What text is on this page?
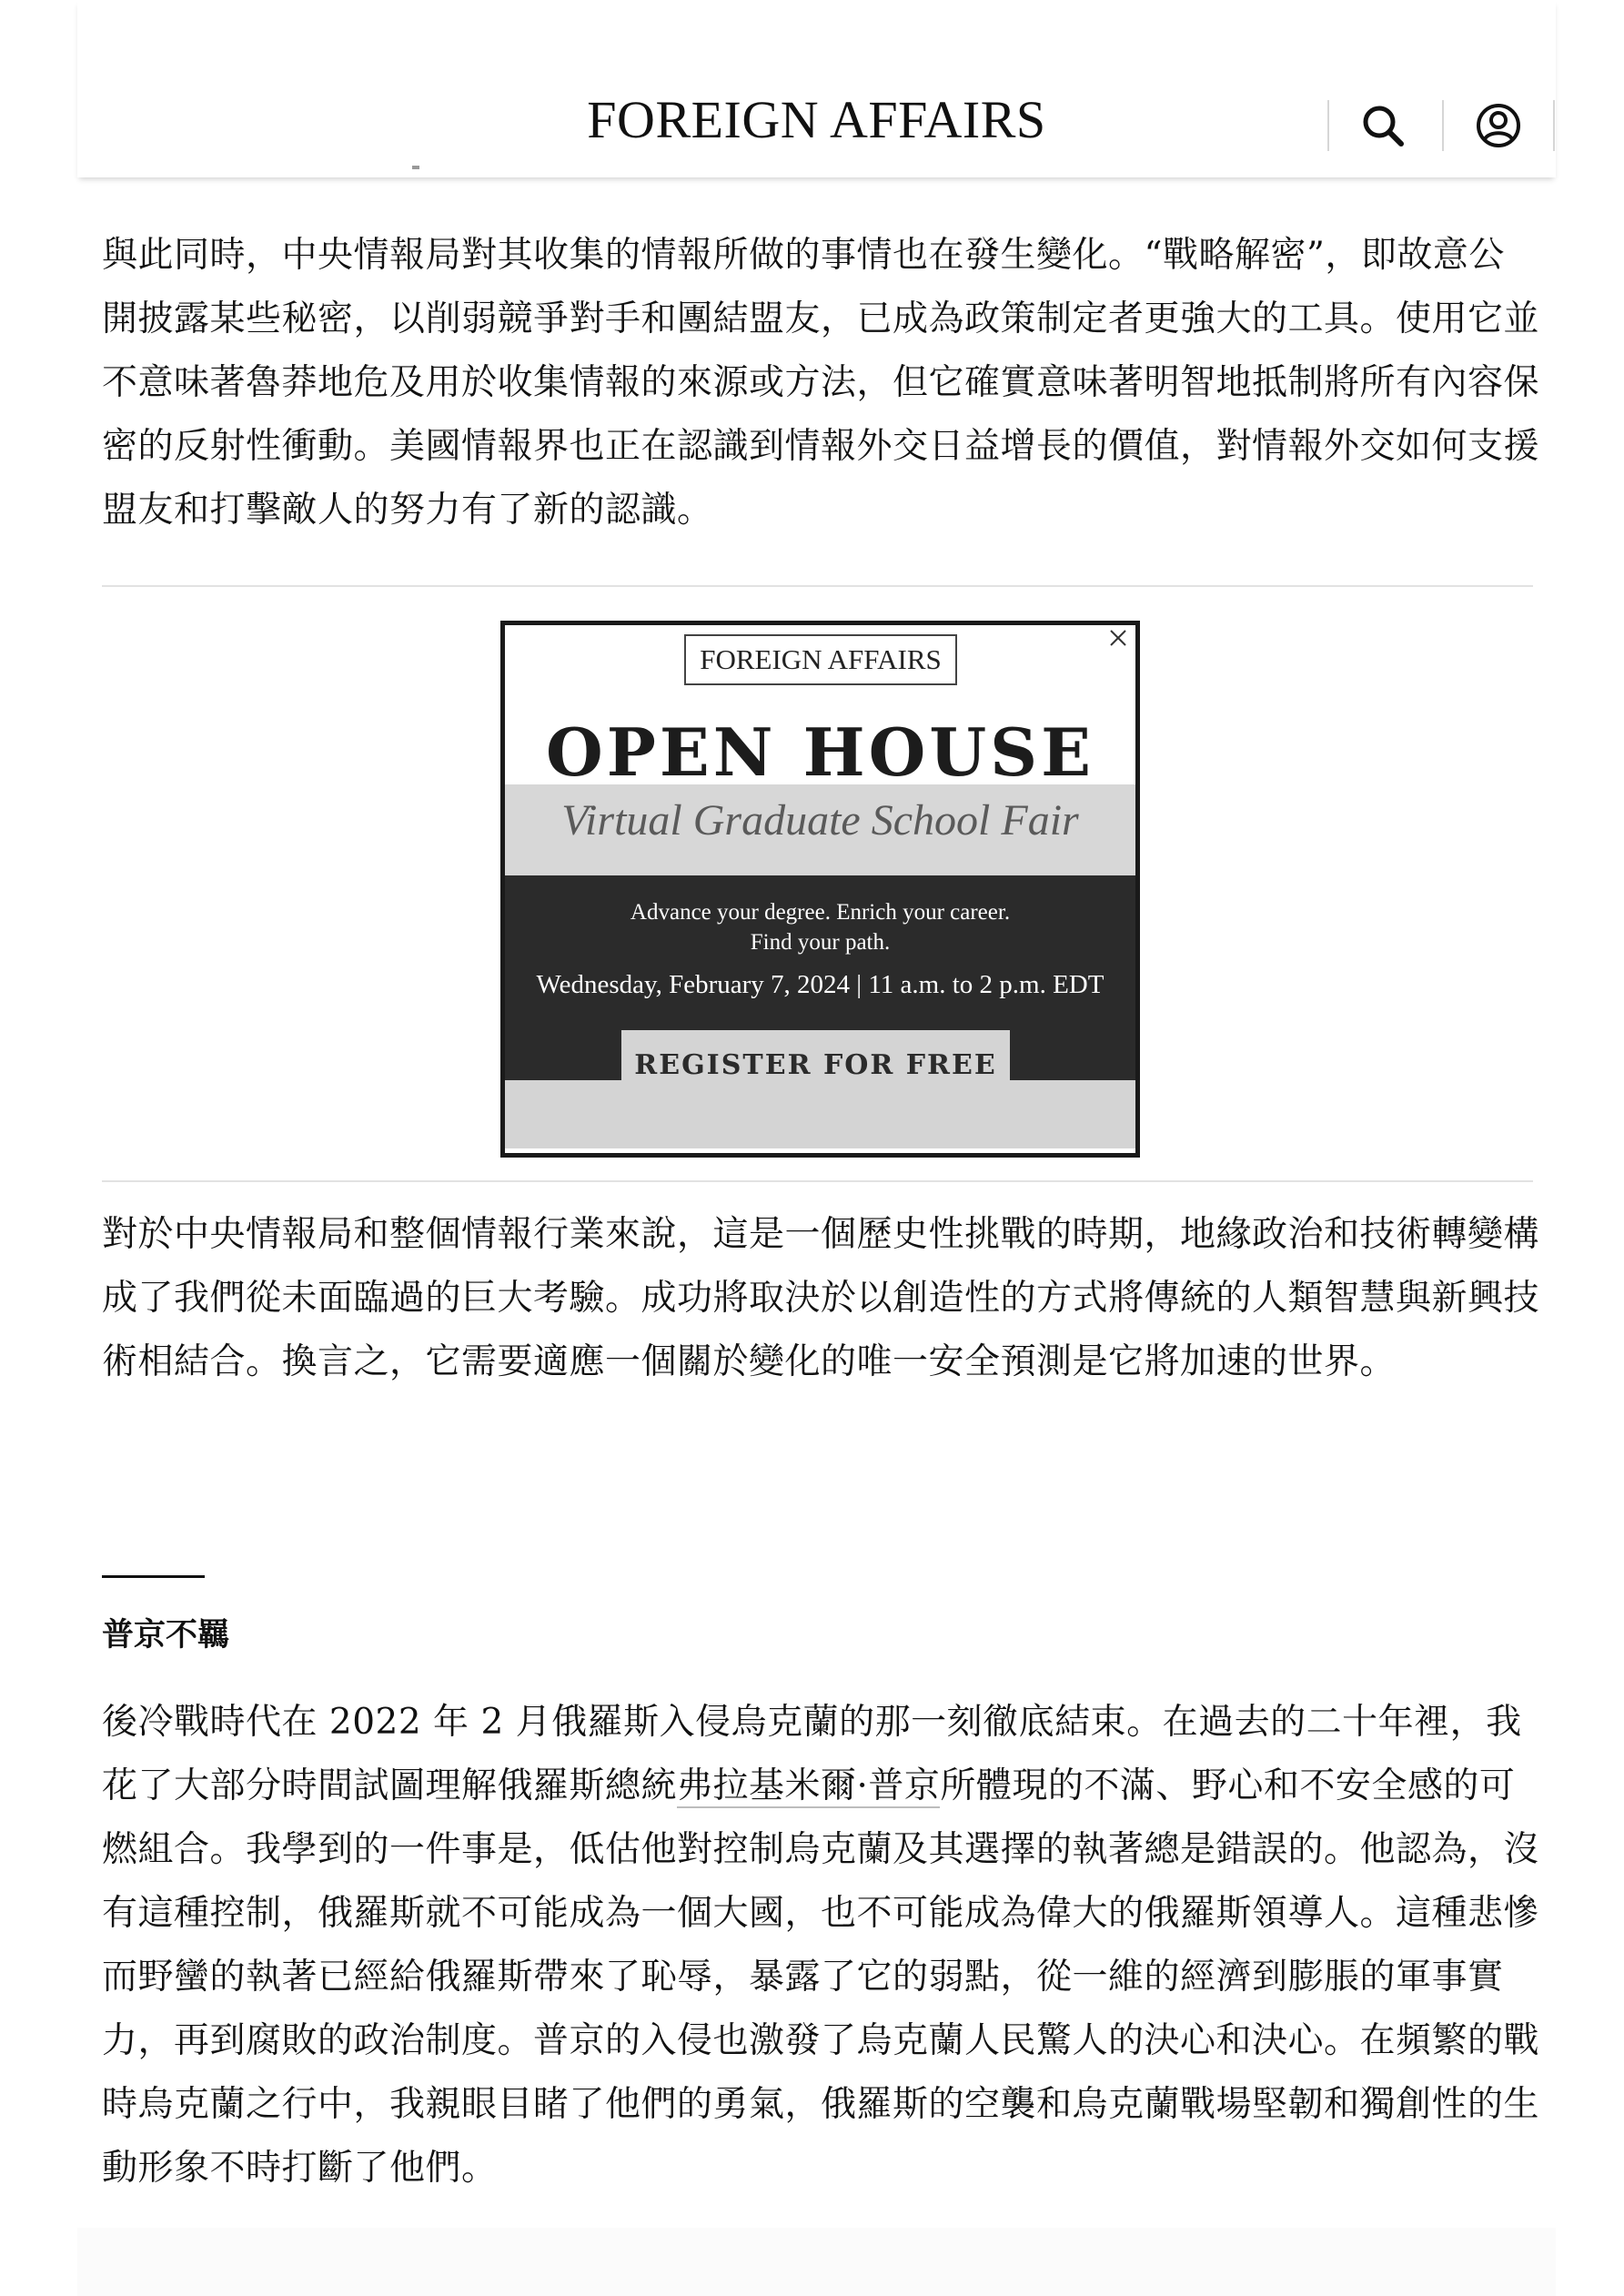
FOREIGN AFFAIRS

與此同時，中央情報局對其收集的情報所做的事情也在發生變化。“戰略解密”，即故意公開披露某些秘密，以削弱競爭對手和團結盟友，已成為政策制定者更強大的工具。使用它並不意味著魯莽地危及用於收集情報的來源或方法，但它確實意味著明智地抵制將所有內容保密的反射性衝動。美國情報界也正在認識到情報外交日益增長的價值，對情報外交如何支援盟友和打擊敵人的努力有了新的認識。

FOREIGN AFFAIRS
OPEN HOUSE
Virtual Graduate School Fair
Advance your degree. Enrich your career.
Find your path.
Wednesday, February 7, 2024 | 11 a.m. to 2 p.m. EDT
REGISTER FOR FREE

對於中央情報局和整個情報行業來說，這是一個歷史性挑戰的時期，地緣政治和技術轉變構成了我們從未面臨過的巨大考驗。成功將取決於以創造性的方式將傳統的人類智慧與新興技術相結合。換言之，它需要適應一個關於變化的唯一安全預測是它將加速的世界。

普京不羈

後冷戰時代在 2022 年 2 月俄羅斯入侵烏克蘭的那一刻徹底結束。在過去的二十年裡，我花了大部分時間試圖理解俄羅斯總統弗拉基米爾·普京所體現的不滿、野心和不安全感的可燃組合。我學到的一件事是，低估他對控制烏克蘭及其選擇的執著總是錯誤的。他認為，沒有這種控制，俄羅斯就不可能成為一個大國，也不可能成為偉大的俄羅斯領導人。這種悲慘而野蠻的執著已經給俄羅斯帶來了恥辱，暴露了它的弱點，從一維的經濟到膨脹的軍事實力，再到腐敗的政治制度。普京的入侵也激發了烏克蘭人民驚人的決心和決心。在頻繁的戰時烏克蘭之行中，我親眼目睹了他們的勇氣，俄羅斯的空襲和烏克蘭戰場堅韌和獨創性的生動形象不時打斷了他們。
